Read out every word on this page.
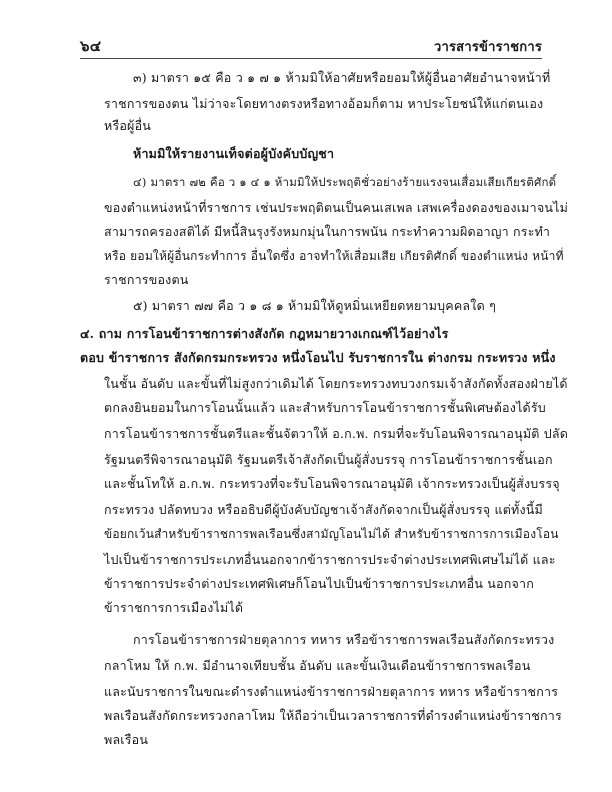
๖๔	วารสารข้าราชการ
๓) มาตรา ๑๕ คือ ว ๑ ๗ ๑ ห้ามมิให้อาศัยหรือยอมให้ผู้อื่นอาศัยอำนาจหน้าที่
ราชการของตน ไม่ว่าจะโดยทางตรงหรือทางอ้อมก็ตาม หาประโยชน์ให้แก่ตนเอง
หรือผู้อื่น
ห้ามมิให้รายงานเท็จต่อผู้บังคับบัญชา
๔) มาตรา ๗๒ คือ ว ๑ ๔ ๑ ห้ามมิให้ประพฤติชั่วอย่างร้ายแรงจนเสื่อมเสียเกียรติศักดิ์
ของตำแหน่งหน้าที่ราชการ เช่นประพฤติตนเป็นคนเสเพล เสพเครื่องดองของเมาจนไม่
สามารถครองสติได้ มีหนี้สินรุงรังหมกมุ่นในการพนัน กระทำความผิดอาญา กระทำ
หรือ ยอมให้ผู้อื่นกระทำการ อื่นใดซึ่ง อาจทำให้เสื่อมเสีย เกียรติศักดิ์ ของตำแหน่ง หน้าที่
ราชการของตน
๕) มาตรา ๗๗ คือ ว ๑ ๘ ๑ ห้ามมิให้ดูหมิ่นเหยียดหยามบุคคลใด ๆ
๔. ถาม การโอนข้าราชการต่างสังกัด กฎหมายวางเกณฑ์ไว้อย่างไร
ตอบ ข้าราชการ สังกัดกรมกระทรวง หนึ่งโอนไป รับราชการใน ต่างกรม กระทรวง หนึ่ง
ในชั้น อันดับ และขั้นที่ไม่สูงกว่าเดิมได้ โดยกระทรวงทบวงกรมเจ้าสังกัดทั้งสองฝ่ายได้
ตกลงยินยอมในการโอนนั้นแล้ว และสำหรับการโอนข้าราชการชั้นพิเศษต้องได้รับ
การโอนข้าราชการชั้นตรีและชั้นจัตวาให้ อ.ก.พ. กรมที่จะรับโอนพิจารณาอนุมัติ ปลัด
รัฐมนตรีพิจารณาอนุมัติ รัฐมนตรีเจ้าสังกัดเป็นผู้สั่งบรรจุ การโอนข้าราชการชั้นเอก
และชั้นโทให้ อ.ก.พ. กระทรวงที่จะรับโอนพิจารณาอนุมัติ เจ้ากระทรวงเป็นผู้สั่งบรรจุ
กระทรวง ปลัดทบวง หรืออธิบดีผู้บังคับบัญชาเจ้าสังกัดจากเป็นผู้สั่งบรรจุ แต่ทั้งนี้มี
ข้อยกเว้นสำหรับข้าราชการพลเรือนซึ่งสามัญโอนไม่ได้ สำหรับข้าราชการการเมืองโอน
ไปเป็นข้าราชการประเภทอื่นนอกจากข้าราชการประจำต่างประเทศพิเศษไม่ได้ และ
ข้าราชการประจำต่างประเทศพิเศษก็โอนไปเป็นข้าราชการประเภทอื่น นอกจาก
ข้าราชการการเมืองไม่ได้
การโอนข้าราชการฝ่ายตุลาการ ทหาร หรือข้าราชการพลเรือนสังกัดกระทรวง
กลาโหม ให้ ก.พ. มีอำนาจเทียบชั้น อันดับ และขั้นเงินเดือนข้าราชการพลเรือน
และนับราชการในขณะดำรงตำแหน่งข้าราชการฝ่ายตุลาการ ทหาร หรือข้าราชการ
พลเรือนสังกัดกระทรวงกลาโหม ให้ถือว่าเป็นเวลาราชการที่ดำรงตำแหน่งข้าราชการ
พลเรือน
